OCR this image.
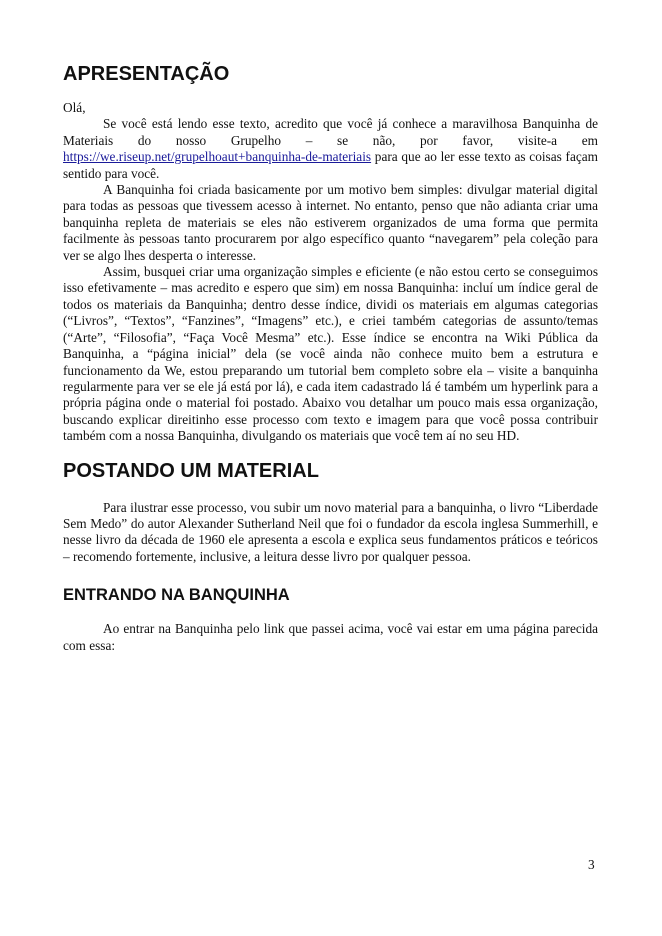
APRESENTAÇÃO

Olá,

Se você está lendo esse texto, acredito que você já conhece a maravilhosa Banquinha de Materiais do nosso Grupelho – se não, por favor, visite-a em https://we.riseup.net/grupelhoaut+banquinha-de-materiais para que ao ler esse texto as coisas façam sentido para você.

A Banquinha foi criada basicamente por um motivo bem simples: divulgar material digital para todas as pessoas que tivessem acesso à internet. No entanto, penso que não adianta criar uma banquinha repleta de materiais se eles não estiverem organizados de uma forma que permita facilmente às pessoas tanto procurarem por algo específico quanto “navegarem” pela coleção para ver se algo lhes desperta o interesse.

Assim, busquei criar uma organização simples e eficiente (e não estou certo se conseguimos isso efetivamente – mas acredito e espero que sim) em nossa Banquinha: incluí um índice geral de todos os materiais da Banquinha; dentro desse índice, dividi os materiais em algumas categorias (“Livros”, “Textos”, “Fanzines”, “Imagens” etc.), e criei também categorias de assunto/temas (“Arte”, “Filosofia”, “Faça Você Mesma” etc.). Esse índice se encontra na Wiki Pública da Banquinha, a “página inicial” dela (se você ainda não conhece muito bem a estrutura e funcionamento da We, estou preparando um tutorial bem completo sobre ela – visite a banquinha regularmente para ver se ele já está por lá), e cada item cadastrado lá é também um hyperlink para a própria página onde o material foi postado. Abaixo vou detalhar um pouco mais essa organização, buscando explicar direitinho esse processo com texto e imagem para que você possa contribuir também com a nossa Banquinha, divulgando os materiais que você tem aí no seu HD.

POSTANDO UM MATERIAL

Para ilustrar esse processo, vou subir um novo material para a banquinha, o livro “Liberdade Sem Medo” do autor Alexander Sutherland Neil que foi o fundador da escola inglesa Summerhill, e nesse livro da década de 1960 ele apresenta a escola e explica seus fundamentos práticos e teóricos – recomendo fortemente, inclusive, a leitura desse livro por qualquer pessoa.

ENTRANDO NA BANQUINHA

Ao entrar na Banquinha pelo link que passei acima, você vai estar em uma página parecida com essa:

3
